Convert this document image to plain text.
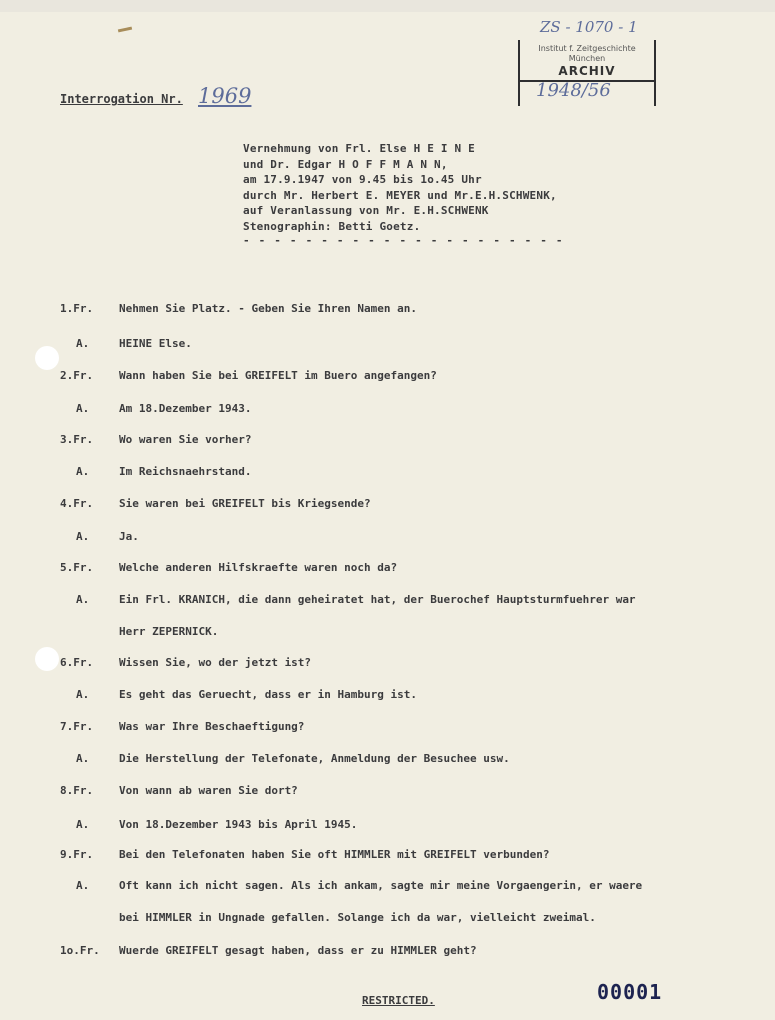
ZS - 1070 - 1
Institut f. Zeitgeschichte
München
ARCHIV
1948/56
Interrogation Nr. 1969
Vernehmung von Frl. Else H E I N E
und Dr. Edgar H O F F M A N N,
am 17.9.1947 von 9.45 bis 1o.45 Uhr
durch Mr. Herbert E. MEYER und Mr.E.H.SCHWENK,
auf Veranlassung von Mr. E.H.SCHWENK
Stenographin: Betti Goetz.
- - - - - - - - - - - - - - - - - - - - -
1.Fr. Nehmen Sie Platz. - Geben Sie Ihren Namen an.
A.	HEINE Else.
2.Fr. Wann haben Sie bei GREIFELT im Buero angefangen?
A.	Am 18.Dezember 1943.
3.Fr. Wo waren Sie vorher?
A.	Im Reichsnaehrstand.
4.Fr. Sie waren bei GREIFELT bis Kriegsende?
A.	Ja.
5.Fr. Welche anderen Hilfskraefte waren noch da?
A.	Ein Frl. KRANICH, die dann geheiratet hat, der Buerochef Hauptsturmfuehrer war
Herr ZEPERNICK.
6.Fr. Wissen Sie, wo der jetzt ist?
A.	Es geht das Geruecht, dass er in Hamburg ist.
7.Fr. Was war Ihre Beschaeftigung?
A.	Die Herstellung der Telefonate, Anmeldung der Besuchee usw.
8.Fr. Von wann ab waren Sie dort?
A.	Von 18.Dezember 1943 bis April 1945.
9.Fr. Bei den Telefonaten haben Sie oft HIMMLER mit GREIFELT verbunden?
A.	Oft kann ich nicht sagen. Als ich ankam, sagte mir meine Vorgaengerin, er waere
bei HIMMLER in Ungnade gefallen. Solange ich da war, vielleicht zweimal.
1o.Fr. Wuerde GREIFELT gesagt haben, dass er zu HIMMLER geht?
00001
RESTRICTED.
